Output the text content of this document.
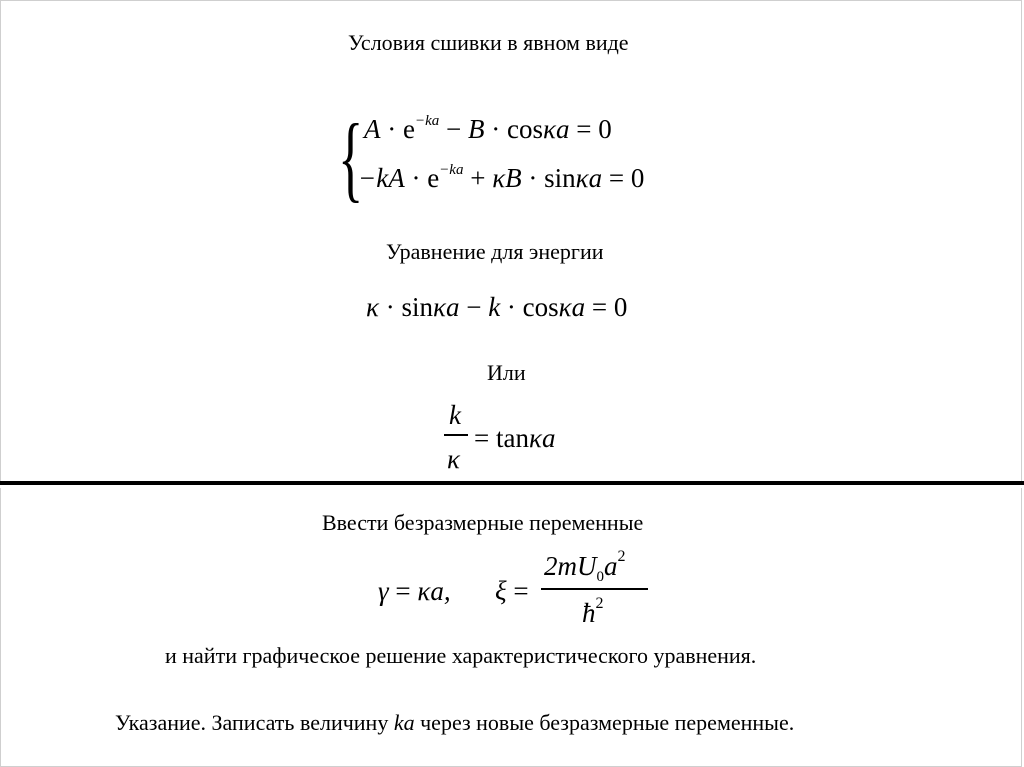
Условия сшивки в явном виде
{ $A \cdot e^{-ka} - B \cdot \cos\kappa a = 0$
$-kA \cdot e^{-ka} + \kappa B \cdot \sin\kappa a = 0$
Уравнение для энергии
κ · sinκa − k · cosκa = 0
Или
k
κ
= tanκa
Ввести безразмерные переменные
γ = κa, ξ =
$2mU_0a^2$
$ħ^2$
и найти графическое решение характеристического уравнения.
Указание. Записать величину ka через новые безразмерные переменные.
